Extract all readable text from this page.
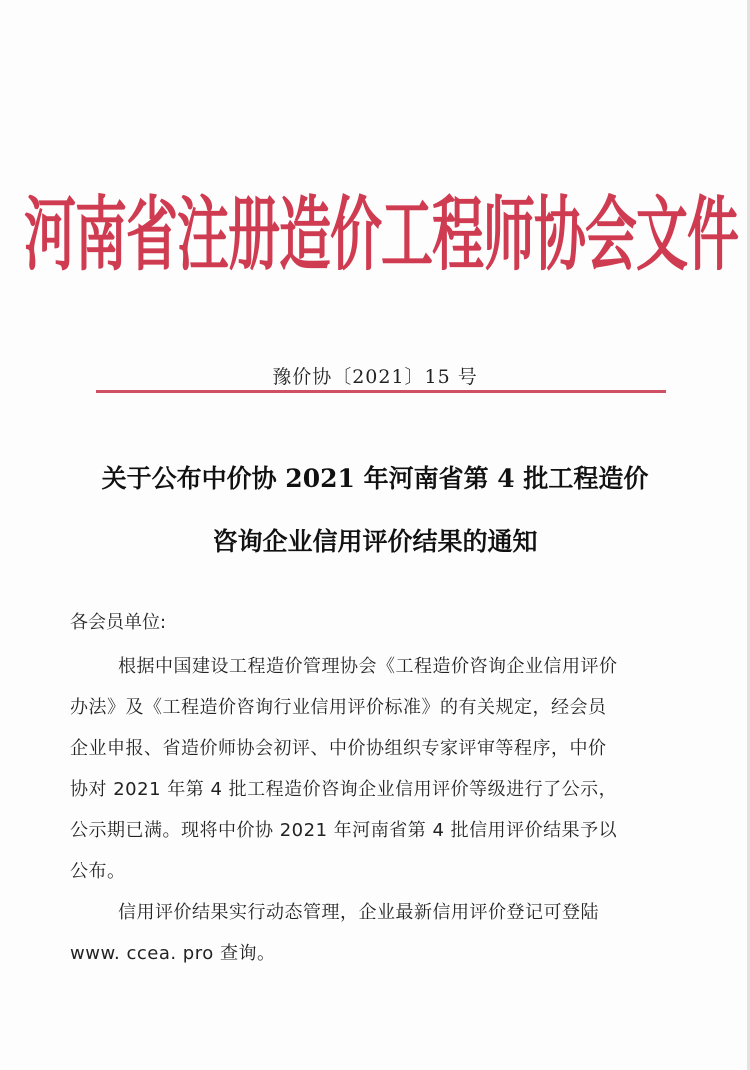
河南省注册造价工程师协会文件
豫价协〔2021〕15 号
关于公布中价协 2021 年河南省第 4 批工程造价
咨询企业信用评价结果的通知
各会员单位:
根据中国建设工程造价管理协会《工程造价咨询企业信用评价
办法》及《工程造价咨询行业信用评价标准》的有关规定，经会员
企业申报、省造价师协会初评、中价协组织专家评审等程序，中价
协对 2021 年第 4 批工程造价咨询企业信用评价等级进行了公示，
公示期已满。现将中价协 2021 年河南省第 4 批信用评价结果予以
公布。
信用评价结果实行动态管理，企业最新信用评价登记可登陆
www. ccea. pro 查询。
